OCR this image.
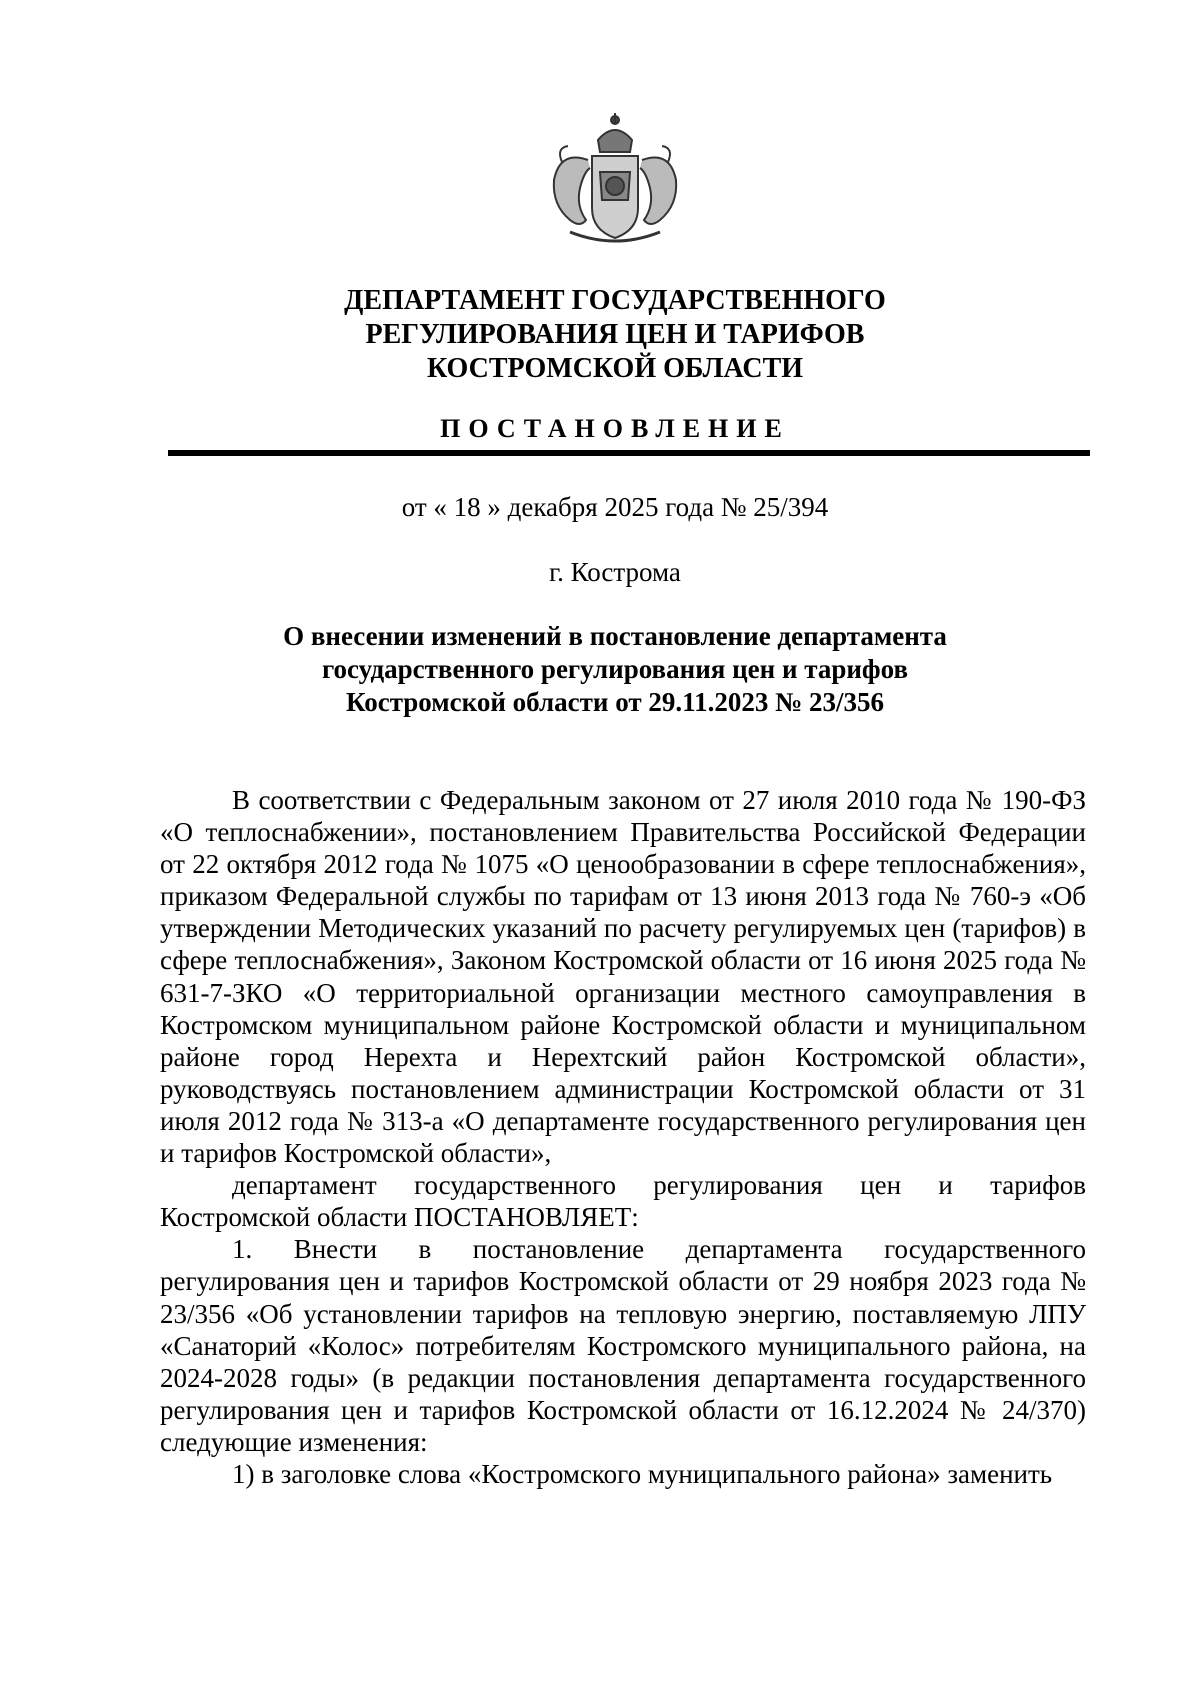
ДЕПАРТАМЕНТ ГОСУДАРСТВЕННОГО
РЕГУЛИРОВАНИЯ ЦЕН И ТАРИФОВ
КОСТРОМСКОЙ ОБЛАСТИ
ПОСТАНОВЛЕНИЕ
от « 18 » декабря 2025 года № 25/394
г. Кострома
О внесении изменений в постановление департамента
государственного регулирования цен и тарифов
Костромской области от 29.11.2023 № 23/356

В соответствии с Федеральным законом от 27 июля 2010 года № 190-ФЗ «О теплоснабжении», постановлением Правительства Российской Федерации от 22 октября 2012 года № 1075 «О ценообразовании в сфере теплоснабжения», приказом Федеральной службы по тарифам от 13 июня 2013 года № 760-э «Об утверждении Методических указаний по расчету регулируемых цен (тарифов) в сфере теплоснабжения», Законом Костромской области от 16 июня 2025 года № 631-7-ЗКО «О территориальной организации местного самоуправления в Костромском муниципальном районе Костромской области и муниципальном районе город Нерехта и Нерехтский район Костромской области», руководствуясь постановлением администрации Костромской области от 31 июля 2012 года № 313-а «О департаменте государственного регулирования цен и тарифов Костромской области»,

департамент государственного регулирования цен и тарифов Костромской области ПОСТАНОВЛЯЕТ:

1. Внести в постановление департамента государственного регулирования цен и тарифов Костромской области от 29 ноября 2023 года № 23/356 «Об установлении тарифов на тепловую энергию, поставляемую ЛПУ «Санаторий «Колос» потребителям Костромского муниципального района, на 2024-2028 годы» (в редакции постановления департамента государственного регулирования цен и тарифов Костромской области от 16.12.2024 № 24/370) следующие изменения:

1) в заголовке слова «Костромского муниципального района» заменить
